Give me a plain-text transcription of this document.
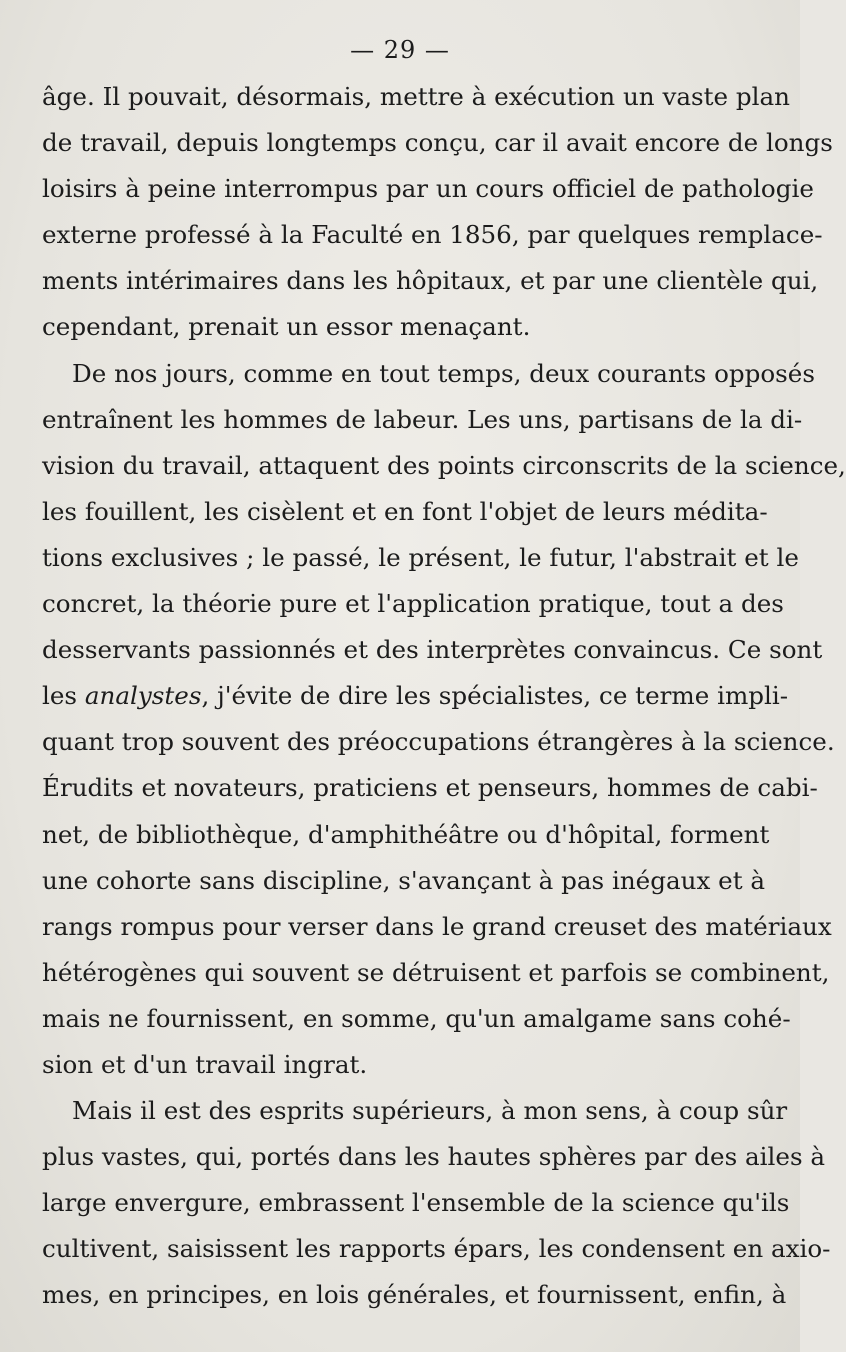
— 29 —

âge. Il pouvait, désormais, mettre à exécution un vaste plan
de travail, depuis longtemps conçu, car il avait encore de longs
loisirs à peine interrompus par un cours officiel de pathologie
externe professé à la Faculté en 1856, par quelques remplace-
ments intérimaires dans les hôpitaux, et par une clientèle qui,
cependant, prenait un essor menaçant.

De nos jours, comme en tout temps, deux courants opposés
entraînent les hommes de labeur. Les uns, partisans de la di-
vision du travail, attaquent des points circonscrits de la science,
les fouillent, les cisèlent et en font l'objet de leurs médita-
tions exclusives ; le passé, le présent, le futur, l'abstrait et le
concret, la théorie pure et l'application pratique, tout a des
desservants passionnés et des interprètes convaincus. Ce sont
les analystes, j'évite de dire les spécialistes, ce terme impli-
quant trop souvent des préoccupations étrangères à la science.
Érudits et novateurs, praticiens et penseurs, hommes de cabi-
net, de bibliothèque, d'amphithéâtre ou d'hôpital, forment
une cohorte sans discipline, s'avançant à pas inégaux et à
rangs rompus pour verser dans le grand creuset des matériaux
hétérogènes qui souvent se détruisent et parfois se combinent,
mais ne fournissent, en somme, qu'un amalgame sans cohé-
sion et d'un travail ingrat.

Mais il est des esprits supérieurs, à mon sens, à coup sûr
plus vastes, qui, portés dans les hautes sphères par des ailes à
large envergure, embrassent l'ensemble de la science qu'ils
cultivent, saisissent les rapports épars, les condensent en axio-
mes, en principes, en lois générales, et fournissent, enfin, à
